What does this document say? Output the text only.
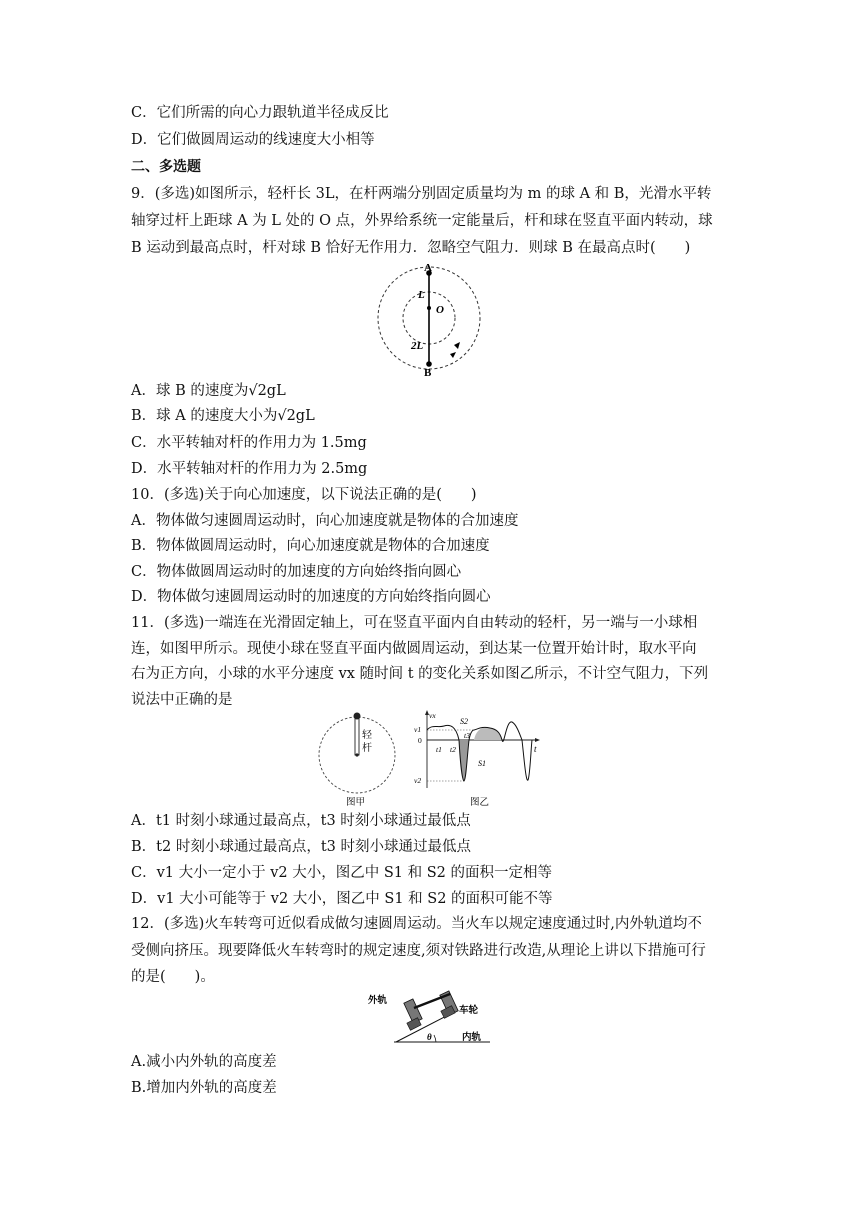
C．它们所需的向心力跟轨道半径成反比
D．它们做圆周运动的线速度大小相等
二、多选题
9．(多选)如图所示，轻杆长 3L，在杆两端分别固定质量均为 m 的球 A 和 B，光滑水平转
轴穿过杆上距球 A 为 L 处的 O 点，外界给系统一定能量后，杆和球在竖直平面内转动，球
B 运动到最高点时，杆对球 B 恰好无作用力．忽略空气阻力．则球 B 在最高点时(　　)
A
B
O
L
2L
A．球 B 的速度为√2gL
B．球 A 的速度大小为√2gL
C．水平转轴对杆的作用力为 1.5mg
D．水平转轴对杆的作用力为 2.5mg
10．(多选)关于向心加速度，以下说法正确的是(　　)
A．物体做匀速圆周运动时，向心加速度就是物体的合加速度
B．物体做圆周运动时，向心加速度就是物体的合加速度
C．物体做圆周运动时的加速度的方向始终指向圆心
D．物体做匀速圆周运动时的加速度的方向始终指向圆心
11．(多选)一端连在光滑固定轴上，可在竖直平面内自由转动的轻杆，另一端与一小球相
连，如图甲所示。现使小球在竖直平面内做圆周运动，到达某一位置开始计时，取水平向
右为正方向，小球的水平分速度 vx 随时间 t 的变化关系如图乙所示，不计空气阻力，下列
说法中正确的是
轻
杆
图甲
vx
v1
0
v2
t1 t2
t3
t
S2
S1
图乙
A．t1 时刻小球通过最高点，t3 时刻小球通过最低点
B．t2 时刻小球通过最高点，t3 时刻小球通过最低点
C．v1 大小一定小于 v2 大小，图乙中 S1 和 S2 的面积一定相等
D．v1 大小可能等于 v2 大小，图乙中 S1 和 S2 的面积可能不等
12．(多选)火车转弯可近似看成做匀速圆周运动。当火车以规定速度通过时,内外轨道均不
受侧向挤压。现要降低火车转弯时的规定速度,须对铁路进行改造,从理论上讲以下措施可行
的是(　　)。
外轨
车轮
内轨
θ
A.减小内外轨的高度差
B.增加内外轨的高度差
